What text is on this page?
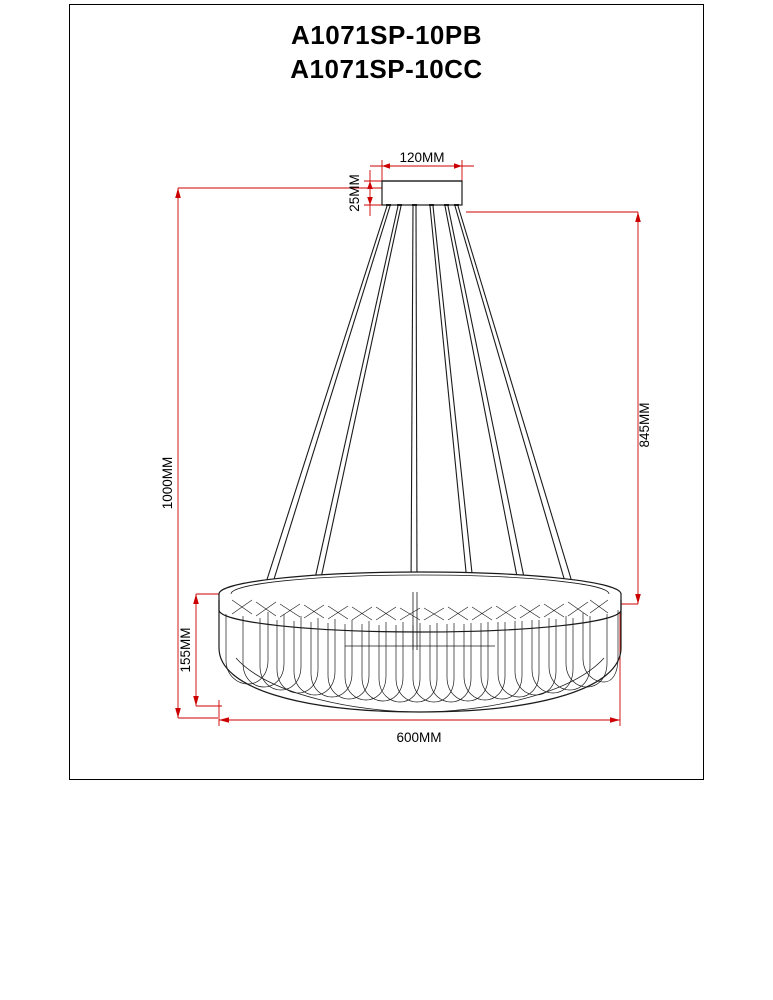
A1071SP-10PB
A1071SP-10CC
120MM
25MM
1000MM
845MM
155MM
600MM
